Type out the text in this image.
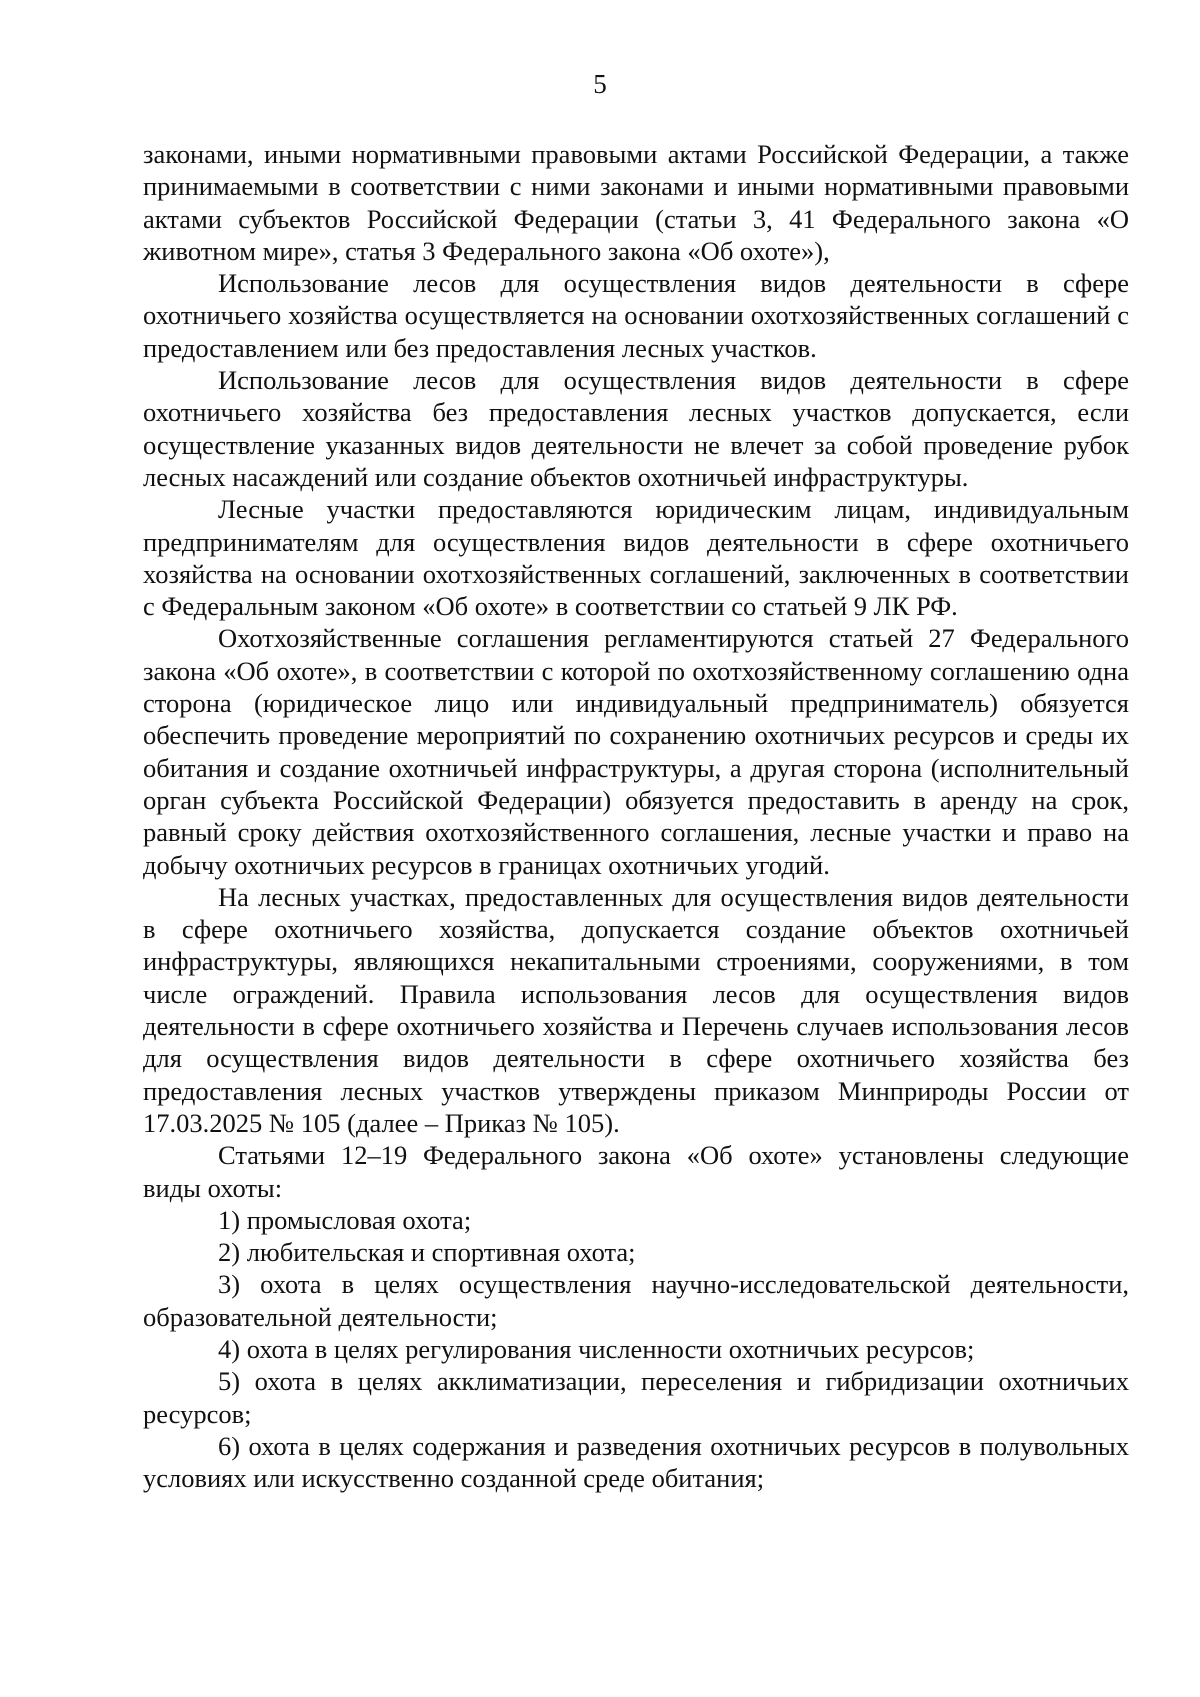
5

законами, иными нормативными правовыми актами Российской Федерации, а также принимаемыми в соответствии с ними законами и иными нормативными правовыми актами субъектов Российской Федерации (статьи 3, 41 Федерального закона «О животном мире», статья 3 Федерального закона «Об охоте»),

Использование лесов для осуществления видов деятельности в сфере охотничьего хозяйства осуществляется на основании охотхозяйственных соглашений с предоставлением или без предоставления лесных участков.

Использование лесов для осуществления видов деятельности в сфере охотничьего хозяйства без предоставления лесных участков допускается, если осуществление указанных видов деятельности не влечет за собой проведение рубок лесных насаждений или создание объектов охотничьей инфраструктуры.

Лесные участки предоставляются юридическим лицам, индивидуальным предпринимателям для осуществления видов деятельности в сфере охотничьего хозяйства на основании охотхозяйственных соглашений, заключенных в соответствии с Федеральным законом «Об охоте» в соответствии со статьей 9 ЛК РФ.

Охотхозяйственные соглашения регламентируются статьей 27 Федерального закона «Об охоте», в соответствии с которой по охотхозяйственному соглашению одна сторона (юридическое лицо или индивидуальный предприниматель) обязуется обеспечить проведение мероприятий по сохранению охотничьих ресурсов и среды их обитания и создание охотничьей инфраструктуры, а другая сторона (исполнительный орган субъекта Российской Федерации) обязуется предоставить в аренду на срок, равный сроку действия охотхозяйственного соглашения, лесные участки и право на добычу охотничьих ресурсов в границах охотничьих угодий.

На лесных участках, предоставленных для осуществления видов деятельности в сфере охотничьего хозяйства, допускается создание объектов охотничьей инфраструктуры, являющихся некапитальными строениями, сооружениями, в том числе ограждений. Правила использования лесов для осуществления видов деятельности в сфере охотничьего хозяйства и Перечень случаев использования лесов для осуществления видов деятельности в сфере охотничьего хозяйства без предоставления лесных участков утверждены приказом Минприроды России от 17.03.2025 № 105 (далее – Приказ № 105).

Статьями 12–19 Федерального закона «Об охоте» установлены следующие виды охоты:

1) промысловая охота;

2) любительская и спортивная охота;

3) охота в целях осуществления научно-исследовательской деятельности, образовательной деятельности;

4) охота в целях регулирования численности охотничьих ресурсов;

5) охота в целях акклиматизации, переселения и гибридизации охотничьих ресурсов;

6) охота в целях содержания и разведения охотничьих ресурсов в полувольных условиях или искусственно созданной среде обитания;
